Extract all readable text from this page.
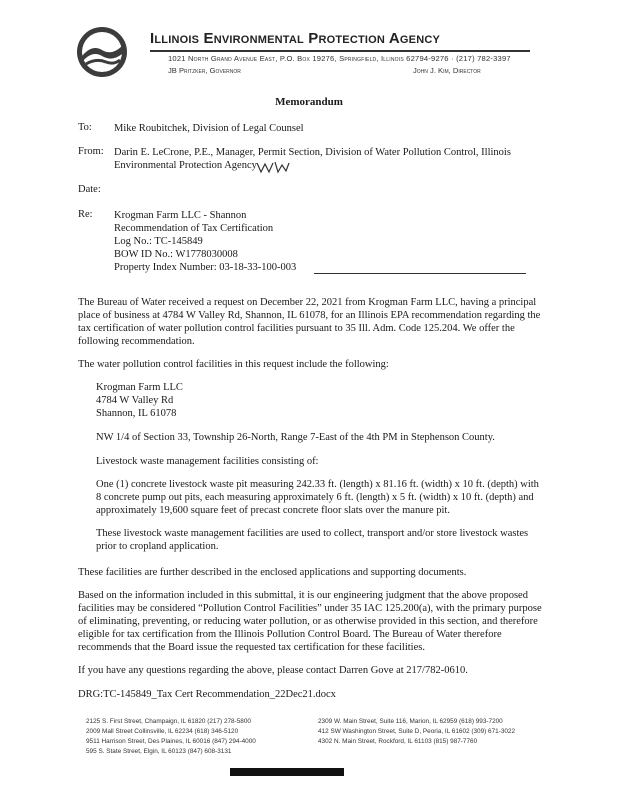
Illinois Environmental Protection Agency
1021 North Grand Avenue East, P.O. Box 19276, Springfield, Illinois 62794-9276 · (217) 782-3397
JB Pritzker, Governor	John J. Kim, Director
Memorandum
To: Mike Roubitchek, Division of Legal Counsel
From: Darin E. LeCrone, P.E., Manager, Permit Section, Division of Water Pollution Control, Illinois
Environmental Protection Agency
Date:
Re: Krogman Farm LLC - Shannon
Recommendation of Tax Certification
Log No.: TC-145849
BOW ID No.: W1778030008
Property Index Number: 03-18-33-100-003
The Bureau of Water received a request on December 22, 2021 from Krogman Farm LLC, having a principal place of business at 4784 W Valley Rd, Shannon, IL 61078, for an Illinois EPA recommendation regarding the tax certification of water pollution control facilities pursuant to 35 Ill. Adm. Code 125.204. We offer the following recommendation.
The water pollution control facilities in this request include the following:
Krogman Farm LLC
4784 W Valley Rd
Shannon, IL 61078
NW 1/4 of Section 33, Township 26-North, Range 7-East of the 4th PM in Stephenson County.
Livestock waste management facilities consisting of:
One (1) concrete livestock waste pit measuring 242.33 ft. (length) x 81.16 ft. (width) x 10 ft. (depth) with 8 concrete pump out pits, each measuring approximately 6 ft. (length) x 5 ft. (width) x 10 ft. (depth) and approximately 19,600 square feet of precast concrete floor slats over the manure pit.
These livestock waste management facilities are used to collect, transport and/or store livestock wastes prior to cropland application.
These facilities are further described in the enclosed applications and supporting documents.
Based on the information included in this submittal, it is our engineering judgment that the above proposed facilities may be considered “Pollution Control Facilities” under 35 IAC 125.200(a), with the primary purpose of eliminating, preventing, or reducing water pollution, or as otherwise provided in this section, and therefore eligible for tax certification from the Illinois Pollution Control Board. The Bureau of Water therefore recommends that the Board issue the requested tax certification for these facilities.
If you have any questions regarding the above, please contact Darren Gove at 217/782-0610.
DRG:TC-145849_Tax Cert Recommendation_22Dec21.docx
2125 S. First Street, Champaign, IL 61820 (217) 278-5800
2009 Mall Street Collinsville, IL 62234 (618) 346-5120
9511 Harrison Street, Des Plaines, IL 60016 (847) 294-4000
595 S. State Street, Elgin, IL 60123 (847) 608-3131
2309 W. Main Street, Suite 116, Marion, IL 62959 (618) 993-7200
412 SW Washington Street, Suite D, Peoria, IL 61602 (309) 671-3022
4302 N. Main Street, Rockford, IL 61103 (815) 987-7760
